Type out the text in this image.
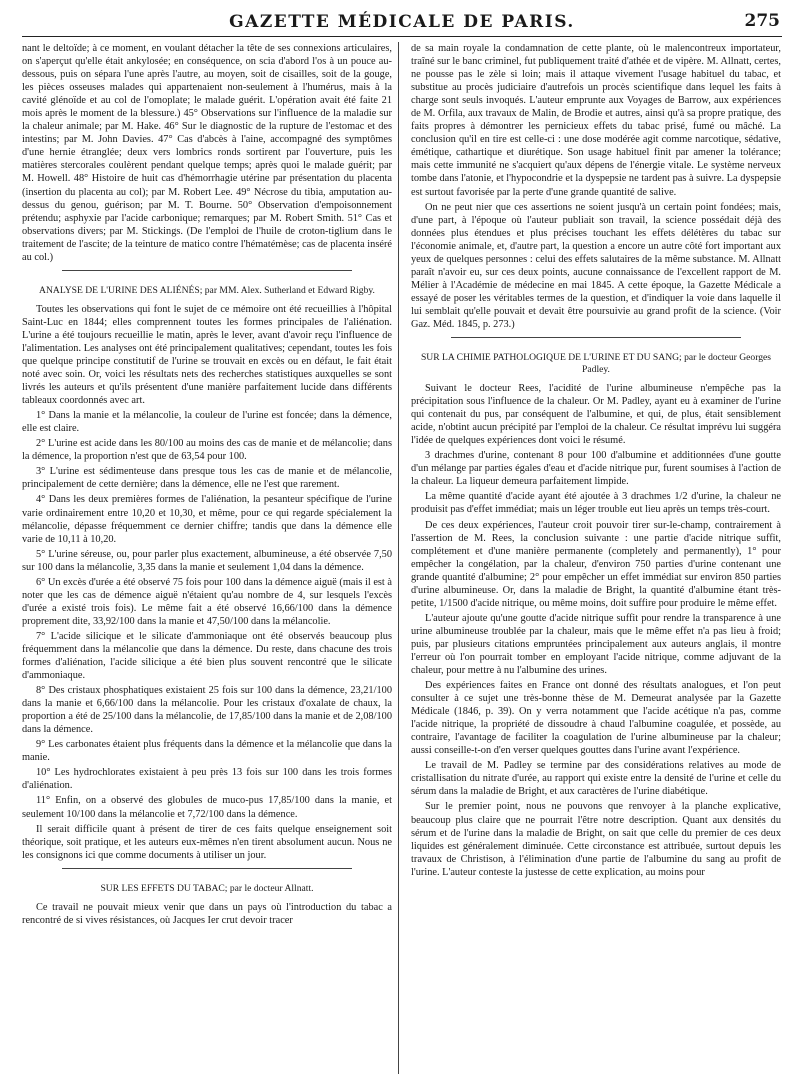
GAZETTE MÉDICALE DE PARIS.	275

nant le deltoïde; à ce moment, en voulant détacher la tête de ses connexions articulaires, on s'aperçut qu'elle était ankylosée; en conséquence, on scia d'abord l'os à un pouce au-dessous, puis on sépara l'une après l'autre, au moyen, soit de cisailles, soit de la gouge, les pièces osseuses malades qui appartenaient non-seulement à l'humérus, mais à la cavité glénoïde et au col de l'omoplate; le malade guérit. L'opération avait été faite 21 mois après le moment de la blessure.) 45° Observations sur l'influence de la maladie sur la chaleur animale; par M. Hake. 46° Sur le diagnostic de la rupture de l'estomac et des intestins; par M. John Davies. 47° Cas d'abcès à l'aine, accompagné des symptômes d'une hernie étranglée; deux vers lombrics ronds sortirent par l'ouverture, puis les matières stercorales coulèrent pendant quelque temps; après quoi le malade guérit; par M. Howell. 48° Histoire de huit cas d'hémorrhagie utérine par présentation du placenta (insertion du placenta au col); par M. Robert Lee. 49° Nécrose du tibia, amputation au-dessus du genou, guérison; par M. T. Bourne. 50° Observation d'empoisonnement prétendu; asphyxie par l'acide carbonique; remarques; par M. Robert Smith. 51° Cas et observations divers; par M. Stickings. (De l'emploi de l'huile de croton-tiglium dans le traitement de l'ascite; de la teinture de matico contre l'hématémèse; cas de placenta inséré au col.)

ANALYSE DE L'URINE DES ALIÉNÉS; par MM. Alex. Sutherland et Edward Rigby.

Toutes les observations qui font le sujet de ce mémoire ont été recueillies à l'hôpital Saint-Luc en 1844; elles comprennent toutes les formes principales de l'aliénation. L'urine a été toujours recueillie le matin, après le lever, avant d'avoir reçu l'influence de l'alimentation. Les analyses ont été principalement qualitatives; cependant, toutes les fois que quelque principe constitutif de l'urine se trouvait en excès ou en défaut, le fait était noté avec soin. Or, voici les résultats nets des recherches statistiques auxquelles se sont livrés les auteurs et qu'ils présentent d'une manière parfaitement lucide dans différents tableaux coordonnés avec art.

1° Dans la manie et la mélancolie, la couleur de l'urine est foncée; dans la démence, elle est claire.

2° L'urine est acide dans les 80/100 au moins des cas de manie et de mélancolie; dans la démence, la proportion n'est que de 63,54 pour 100.

3° L'urine est sédimenteuse dans presque tous les cas de manie et de mélancolie, principalement de cette dernière; dans la démence, elle ne l'est que rarement.

4° Dans les deux premières formes de l'aliénation, la pesanteur spécifique de l'urine varie ordinairement entre 10,20 et 10,30, et même, pour ce qui regarde spécialement la mélancolie, dépasse fréquemment ce dernier chiffre; tandis que dans la démence elle varie de 10,11 à 10,20.

5° L'urine séreuse, ou, pour parler plus exactement, albumineuse, a été observée 7,50 sur 100 dans la mélancolie, 3,35 dans la manie et seulement 1,04 dans la démence.

6° Un excès d'urée a été observé 75 fois pour 100 dans la démence aiguë (mais il est à noter que les cas de démence aiguë n'étaient qu'au nombre de 4, sur lesquels l'excès d'urée a existé trois fois). Le même fait a été observé 16,66/100 dans la démence proprement dite, 33,92/100 dans la manie et 47,50/100 dans la mélancolie.

7° L'acide silicique et le silicate d'ammoniaque ont été observés beaucoup plus fréquemment dans la mélancolie que dans la démence. Du reste, dans chacune des trois formes d'aliénation, l'acide silicique a été bien plus souvent rencontré que le silicate d'ammoniaque.

8° Des cristaux phosphatiques existaient 25 fois sur 100 dans la démence, 23,21/100 dans la manie et 6,66/100 dans la mélancolie. Pour les cristaux d'oxalate de chaux, la proportion a été de 25/100 dans la mélancolie, de 17,85/100 dans la manie et de 2,08/100 dans la démence.

9° Les carbonates étaient plus fréquents dans la démence et la mélancolie que dans la manie.

10° Les hydrochlorates existaient à peu près 13 fois sur 100 dans les trois formes d'aliénation.

11° Enfin, on a observé des globules de muco-pus 17,85/100 dans la manie, et seulement 10/100 dans la mélancolie et 7,72/100 dans la démence.

Il serait difficile quant à présent de tirer de ces faits quelque enseignement soit théorique, soit pratique, et les auteurs eux-mêmes n'en tirent absolument aucun. Nous ne les consignons ici que comme documents à utiliser un jour.

SUR LES EFFETS DU TABAC; par le docteur Allnatt.

Ce travail ne pouvait mieux venir que dans un pays où l'introduction du tabac a rencontré de si vives résistances, où Jacques Ier crut devoir tracer

de sa main royale la condamnation de cette plante, où le malencontreux importateur, traîné sur le banc criminel, fut publiquement traité d'athée et de vipère. M. Allnatt, certes, ne pousse pas le zèle si loin; mais il attaque vivement l'usage habituel du tabac, et substitue au procès judiciaire d'autrefois un procès scientifique dans lequel les faits à charge sont seuls invoqués. L'auteur emprunte aux Voyages de Barrow, aux expériences de M. Orfila, aux travaux de Malin, de Brodie et autres, ainsi qu'à sa propre pratique, des faits propres à démontrer les pernicieux effets du tabac prisé, fumé ou mâché. La conclusion qu'il en tire est celle-ci : une dose modérée agit comme narcotique, sédative, émétique, cathartique et diurétique. Son usage habituel finit par amener la tolérance; mais cette immunité ne s'acquiert qu'aux dépens de l'énergie vitale. Le système nerveux tombe dans l'atonie, et l'hypocondrie et la dyspepsie ne tardent pas à suivre. La dyspepsie est surtout favorisée par la perte d'une grande quantité de salive.

On ne peut nier que ces assertions ne soient jusqu'à un certain point fondées; mais, d'une part, à l'époque où l'auteur publiait son travail, la science possédait déjà des données plus étendues et plus précises touchant les effets délétères du tabac sur l'économie animale, et, d'autre part, la question a encore un autre côté fort important aux yeux de quelques personnes : celui des effets salutaires de la même substance. M. Allnatt paraît n'avoir eu, sur ces deux points, aucune connaissance de l'excellent rapport de M. Mélier à l'Académie de médecine en mai 1845. A cette époque, la Gazette Médicale a essayé de poser les véritables termes de la question, et d'indiquer la voie dans laquelle il lui semblait qu'elle pouvait et devait être poursuivie au grand profit de la science. (Voir Gaz. Méd. 1845, p. 273.)

SUR LA CHIMIE PATHOLOGIQUE DE L'URINE ET DU SANG; par le docteur Georges Padley.

Suivant le docteur Rees, l'acidité de l'urine albumineuse n'empêche pas la précipitation sous l'influence de la chaleur. Or M. Padley, ayant eu à examiner de l'urine qui contenait du pus, par conséquent de l'albumine, et qui, de plus, était sensiblement acide, n'obtint aucun précipité par l'emploi de la chaleur. Ce résultat imprévu lui suggéra l'idée de quelques expériences dont voici le résumé.

3 drachmes d'urine, contenant 8 pour 100 d'albumine et additionnées d'une goutte d'un mélange par parties égales d'eau et d'acide nitrique pur, furent soumises à l'action de la chaleur. La liqueur demeura parfaitement limpide.

La même quantité d'acide ayant été ajoutée à 3 drachmes 1/2 d'urine, la chaleur ne produisit pas d'effet immédiat; mais un léger trouble eut lieu après un temps très-court.

De ces deux expériences, l'auteur croit pouvoir tirer sur-le-champ, contrairement à l'assertion de M. Rees, la conclusion suivante : une partie d'acide nitrique suffit, complétement et d'une manière permanente (completely and permanently), 1° pour empêcher la congélation, par la chaleur, d'environ 750 parties d'urine contenant une grande quantité d'albumine; 2° pour empêcher un effet immédiat sur environ 850 parties d'urine albumineuse. Or, dans la maladie de Bright, la quantité d'albumine étant très-petite, 1/1500 d'acide nitrique, ou même moins, doit suffire pour produire le même effet.

L'auteur ajoute qu'une goutte d'acide nitrique suffit pour rendre la transparence à une urine albumineuse troublée par la chaleur, mais que le même effet n'a pas lieu à froid; puis, par plusieurs citations empruntées principalement aux auteurs anglais, il montre l'erreur où l'on pourrait tomber en employant l'acide nitrique, comme adjuvant de la chaleur, pour mettre à nu l'albumine des urines.

Des expériences faites en France ont donné des résultats analogues, et l'on peut consulter à ce sujet une très-bonne thèse de M. Demeurat analysée par la Gazette Médicale (1846, p. 39). On y verra notamment que l'acide acétique n'a pas, comme l'acide nitrique, la propriété de dissoudre à chaud l'albumine coagulée, et possède, au contraire, l'avantage de faciliter la coagulation de l'urine albumineuse par la chaleur; aussi conseille-t-on d'en verser quelques gouttes dans l'urine avant l'expérience.

Le travail de M. Padley se termine par des considérations relatives au mode de cristallisation du nitrate d'urée, au rapport qui existe entre la densité de l'urine et celle du sérum dans la maladie de Bright, et aux caractères de l'urine diabétique.

Sur le premier point, nous ne pouvons que renvoyer à la planche explicative, beaucoup plus claire que ne pourrait l'être notre description. Quant aux densités du sérum et de l'urine dans la maladie de Bright, on sait que celle du premier de ces deux liquides est généralement diminuée. Cette circonstance est attribuée, surtout depuis les travaux de Christison, à l'élimination d'une partie de l'albumine du sang au profit de l'urine. L'auteur conteste la justesse de cette explication, au moins pour
